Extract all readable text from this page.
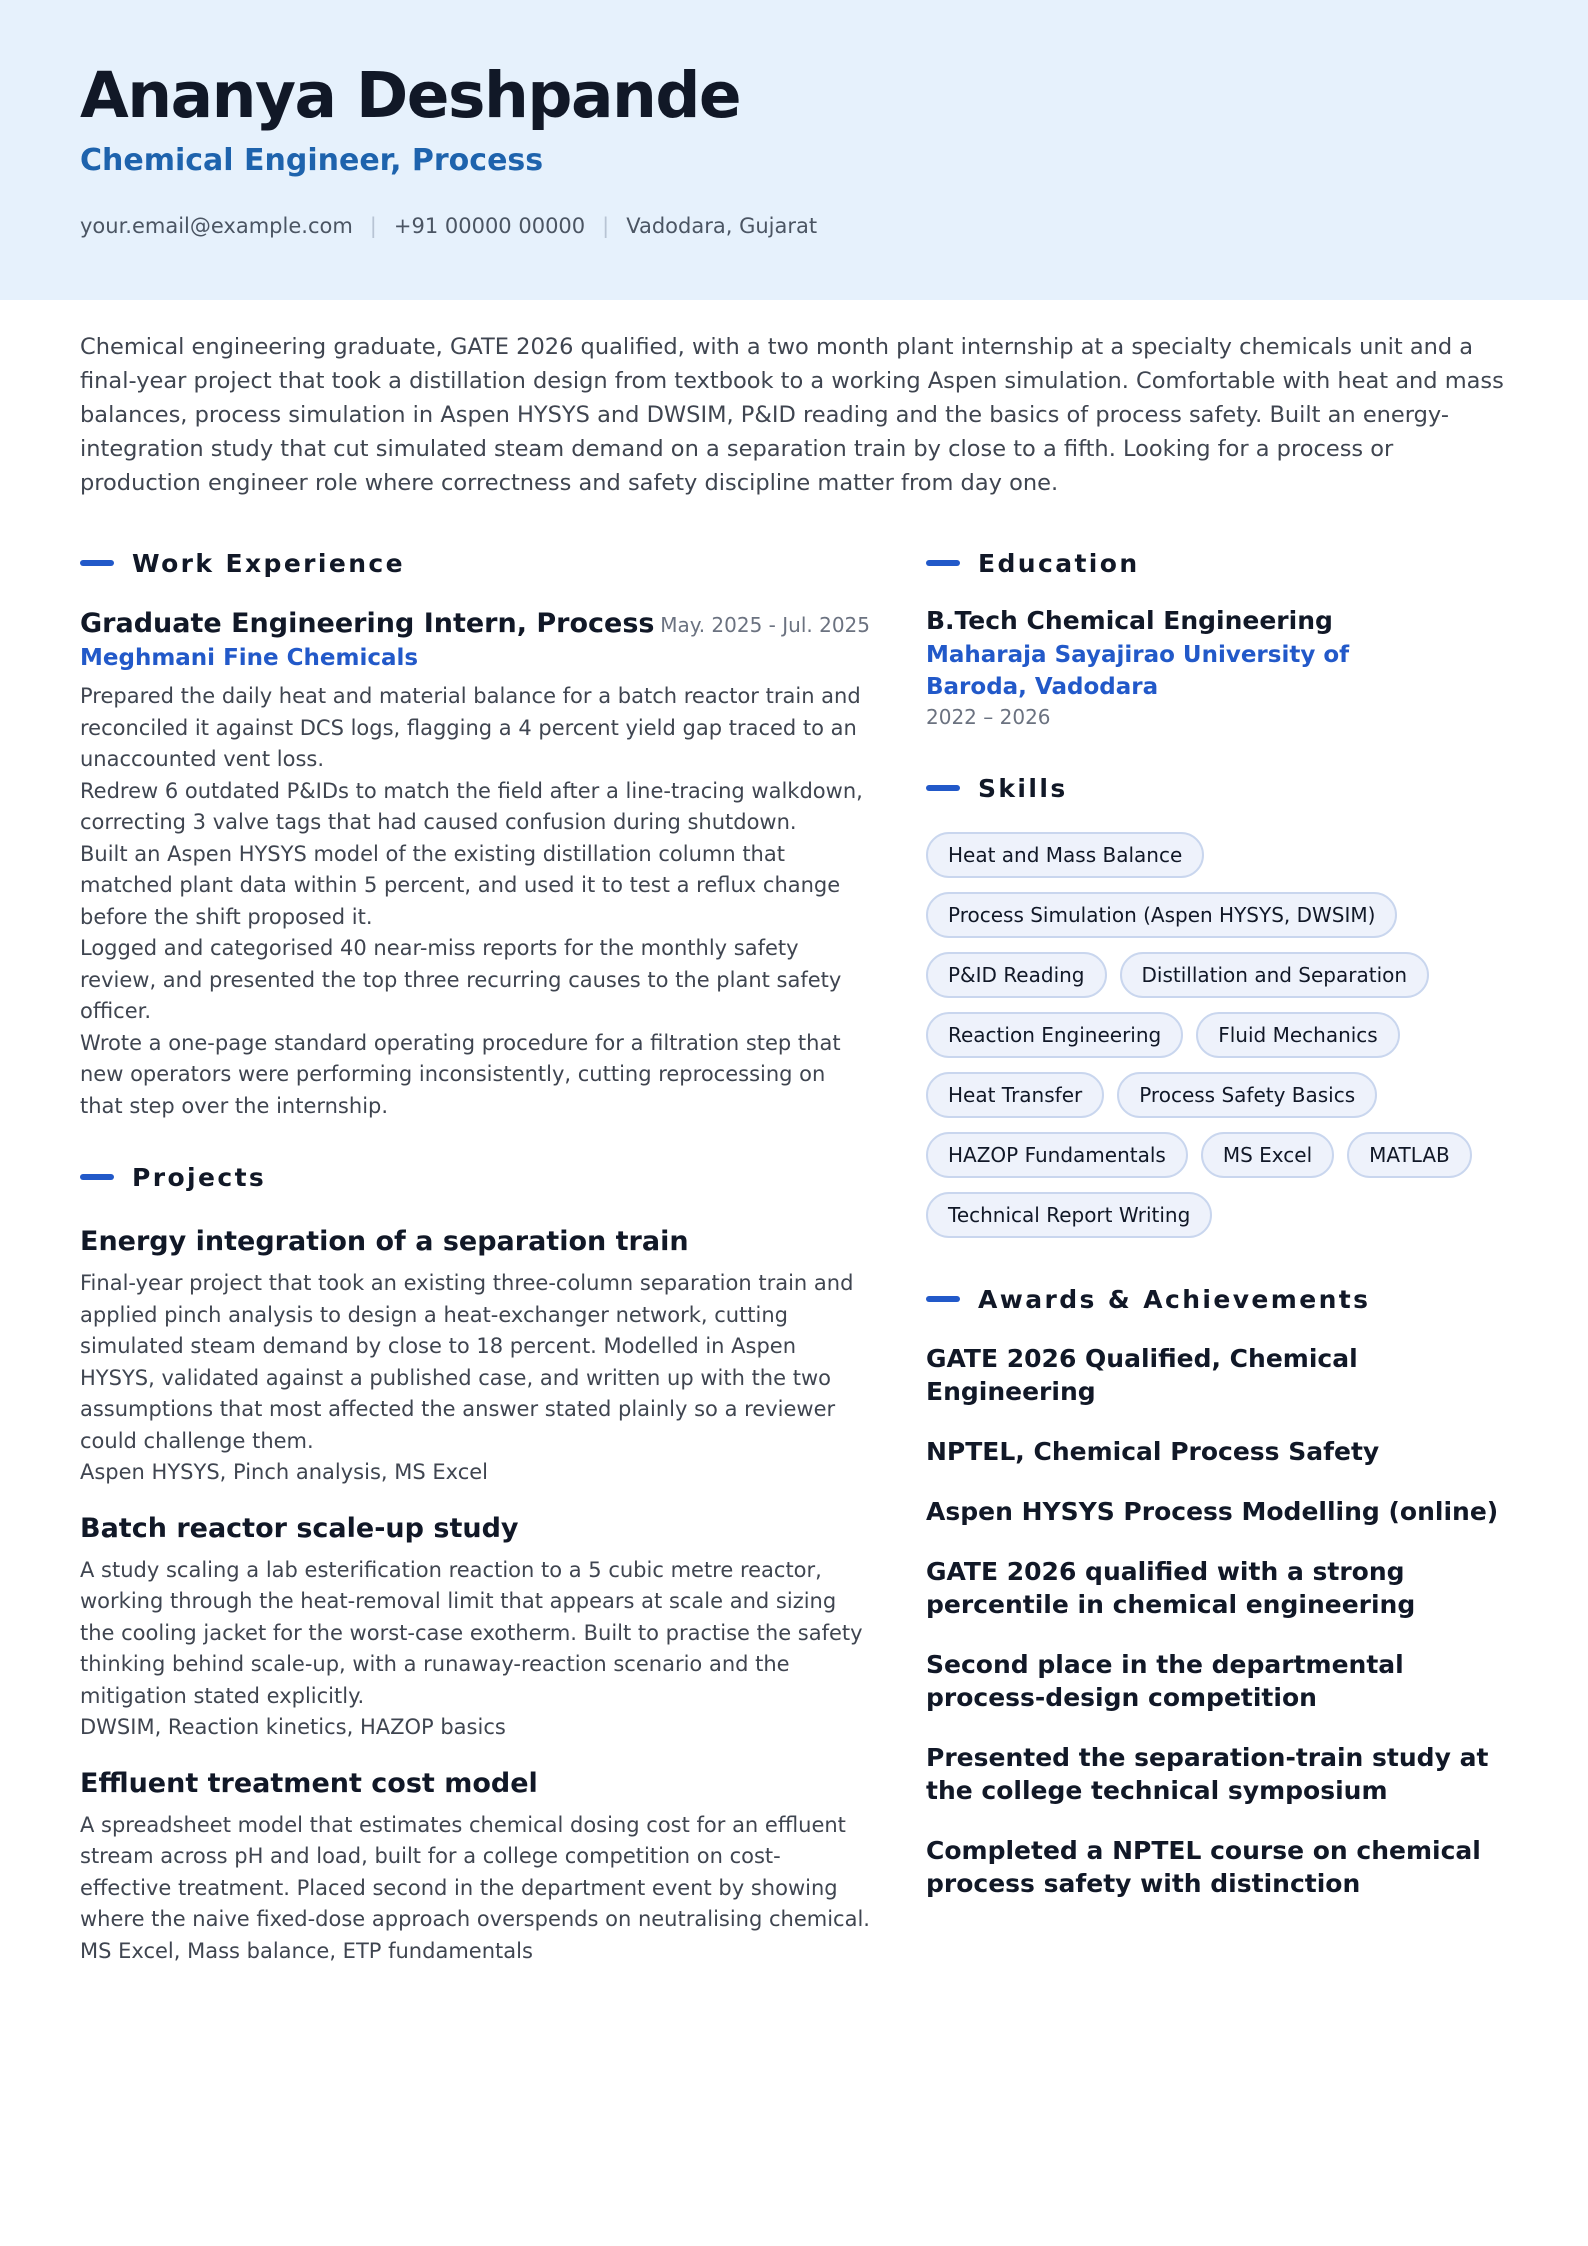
Ananya Deshpande
Chemical Engineer, Process
your.email@example.com | +91 00000 00000 | Vadodara, Gujarat

Chemical engineering graduate, GATE 2026 qualified, with a two month plant internship at a specialty chemicals unit and a final-year project that took a distillation design from textbook to a working Aspen simulation. Comfortable with heat and mass balances, process simulation in Aspen HYSYS and DWSIM, P&ID reading and the basics of process safety. Built an energy-integration study that cut simulated steam demand on a separation train by close to a fifth. Looking for a process or production engineer role where correctness and safety discipline matter from day one.

Work Experience
Graduate Engineering Intern, Process May. 2025 - Jul. 2025
Meghmani Fine Chemicals
Prepared the daily heat and material balance for a batch reactor train and reconciled it against DCS logs, flagging a 4 percent yield gap traced to an unaccounted vent loss.
Redrew 6 outdated P&IDs to match the field after a line-tracing walkdown, correcting 3 valve tags that had caused confusion during shutdown.
Built an Aspen HYSYS model of the existing distillation column that matched plant data within 5 percent, and used it to test a reflux change before the shift proposed it.
Logged and categorised 40 near-miss reports for the monthly safety review, and presented the top three recurring causes to the plant safety officer.
Wrote a one-page standard operating procedure for a filtration step that new operators were performing inconsistently, cutting reprocessing on that step over the internship.
Projects
Energy integration of a separation train
Final-year project that took an existing three-column separation train and applied pinch analysis to design a heat-exchanger network, cutting simulated steam demand by close to 18 percent. Modelled in Aspen HYSYS, validated against a published case, and written up with the two assumptions that most affected the answer stated plainly so a reviewer could challenge them.
Aspen HYSYS, Pinch analysis, MS Excel
Batch reactor scale-up study
A study scaling a lab esterification reaction to a 5 cubic metre reactor, working through the heat-removal limit that appears at scale and sizing the cooling jacket for the worst-case exotherm. Built to practise the safety thinking behind scale-up, with a runaway-reaction scenario and the mitigation stated explicitly.
DWSIM, Reaction kinetics, HAZOP basics
Effluent treatment cost model
A spreadsheet model that estimates chemical dosing cost for an effluent stream across pH and load, built for a college competition on cost-effective treatment. Placed second in the department event by showing where the naive fixed-dose approach overspends on neutralising chemical.
MS Excel, Mass balance, ETP fundamentals
Education
B.Tech Chemical Engineering
Maharaja Sayajirao University of Baroda, Vadodara
2022 – 2026
Skills
Heat and Mass Balance
Process Simulation (Aspen HYSYS, DWSIM)
P&ID Reading	Distillation and Separation
Reaction Engineering	Fluid Mechanics
Heat Transfer	Process Safety Basics
HAZOP Fundamentals	MS Excel	MATLAB
Technical Report Writing
Awards & Achievements
GATE 2026 Qualified, Chemical Engineering
NPTEL, Chemical Process Safety
Aspen HYSYS Process Modelling (online)
GATE 2026 qualified with a strong percentile in chemical engineering
Second place in the departmental process-design competition
Presented the separation-train study at the college technical symposium
Completed a NPTEL course on chemical process safety with distinction
